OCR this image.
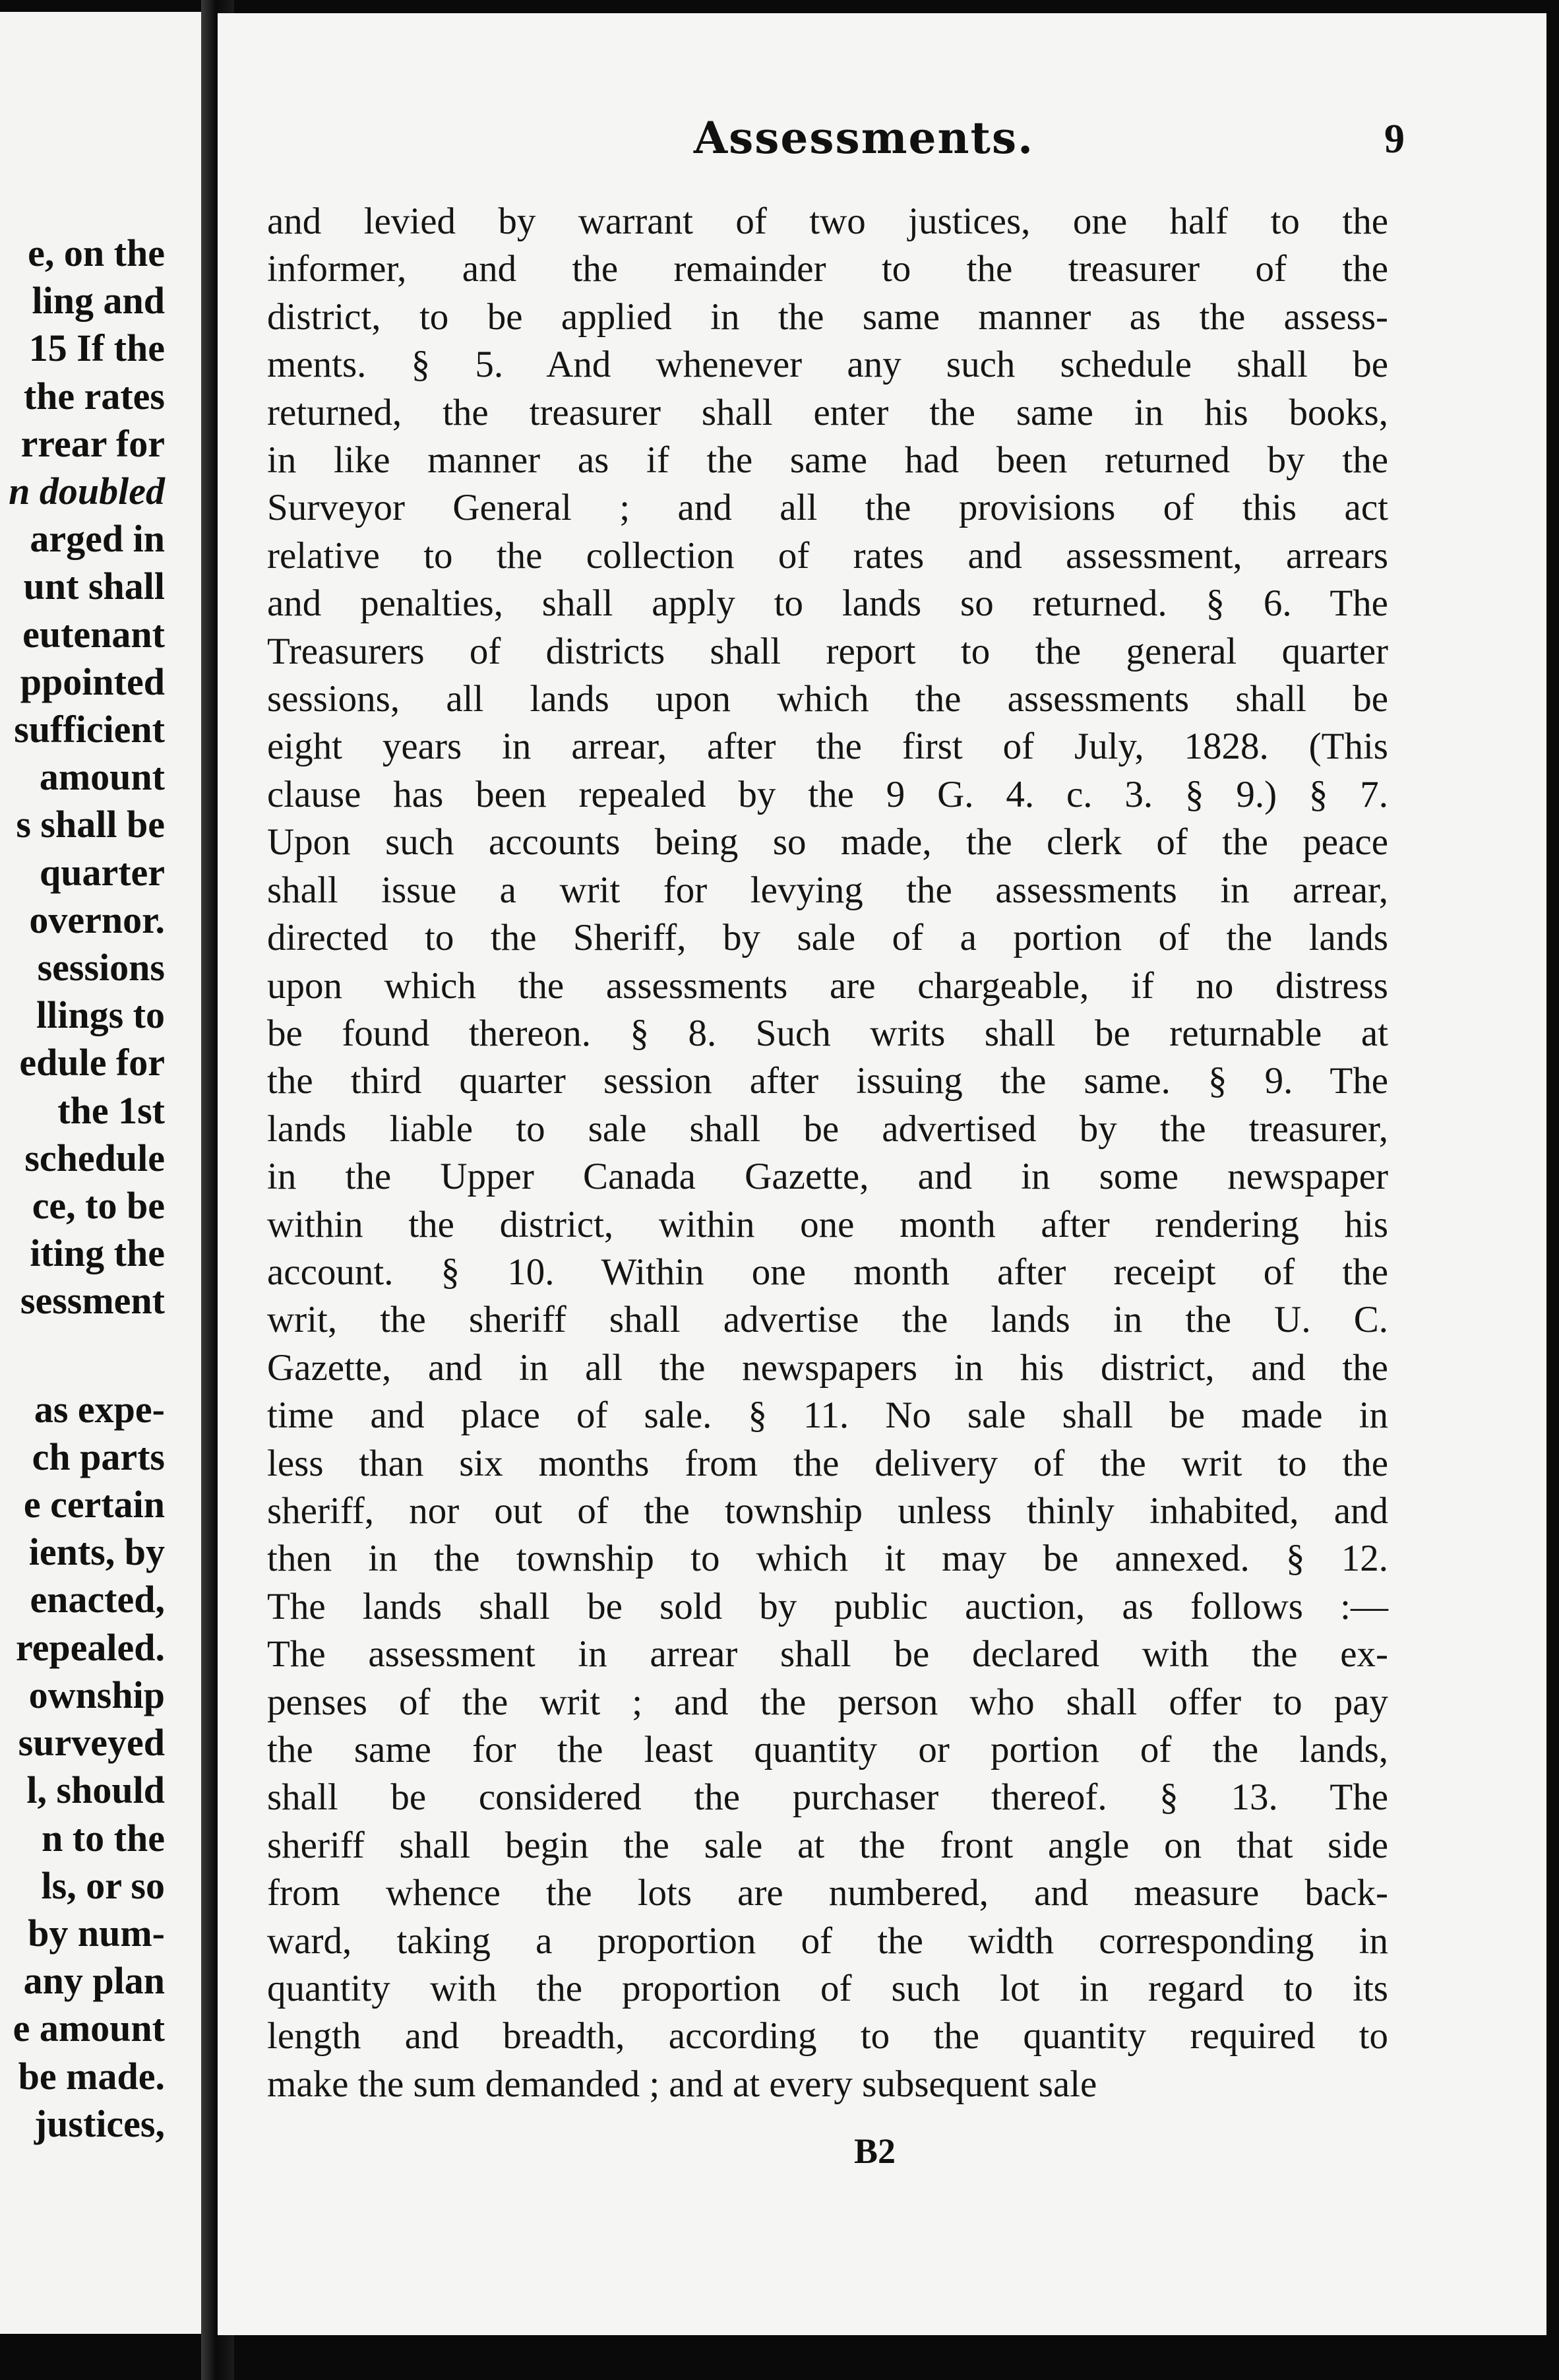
e, on the
ling and
15 If the
the rates
rrear for
n doubled
arged in
unt shall
eutenant
ppointed
sufficient
amount
s shall be
quarter
overnor.
sessions
llings to
edule for
the 1st
schedule
ce, to be
iting the
sessment
as expe-
ch parts
e certain
ients, by
enacted,
repealed.
ownship
surveyed
l, should
n to the
ls, or so
by num-
any plan
e amount
be made.
justices,
Assessments.	9
and levied by warrant of two justices, one half to the
informer, and the remainder to the treasurer of the
district, to be applied in the same manner as the assess-
ments. § 5. And whenever any such schedule shall be
returned, the treasurer shall enter the same in his books,
in like manner as if the same had been returned by the
Surveyor General ; and all the provisions of this act
relative to the collection of rates and assessment, arrears
and penalties, shall apply to lands so returned. § 6. The
Treasurers of districts shall report to the general quarter
sessions, all lands upon which the assessments shall be
eight years in arrear, after the first of July, 1828. (This
clause has been repealed by the 9 G. 4. c. 3. § 9.) § 7.
Upon such accounts being so made, the clerk of the peace
shall issue a writ for levying the assessments in arrear,
directed to the Sheriff, by sale of a portion of the lands
upon which the assessments are chargeable, if no distress
be found thereon. § 8. Such writs shall be returnable at
the third quarter session after issuing the same. § 9. The
lands liable to sale shall be advertised by the treasurer,
in the Upper Canada Gazette, and in some newspaper
within the district, within one month after rendering his
account. § 10. Within one month after receipt of the
writ, the sheriff shall advertise the lands in the U. C.
Gazette, and in all the newspapers in his district, and the
time and place of sale. § 11. No sale shall be made in
less than six months from the delivery of the writ to the
sheriff, nor out of the township unless thinly inhabited, and
then in the township to which it may be annexed. § 12.
The lands shall be sold by public auction, as follows :—
The assessment in arrear shall be declared with the ex-
penses of the writ ; and the person who shall offer to pay
the same for the least quantity or portion of the lands,
shall be considered the purchaser thereof. § 13. The
sheriff shall begin the sale at the front angle on that side
from whence the lots are numbered, and measure back-
ward, taking a proportion of the width corresponding in
quantity with the proportion of such lot in regard to its
length and breadth, according to the quantity required to
make the sum demanded ; and at every subsequent sale
B2
